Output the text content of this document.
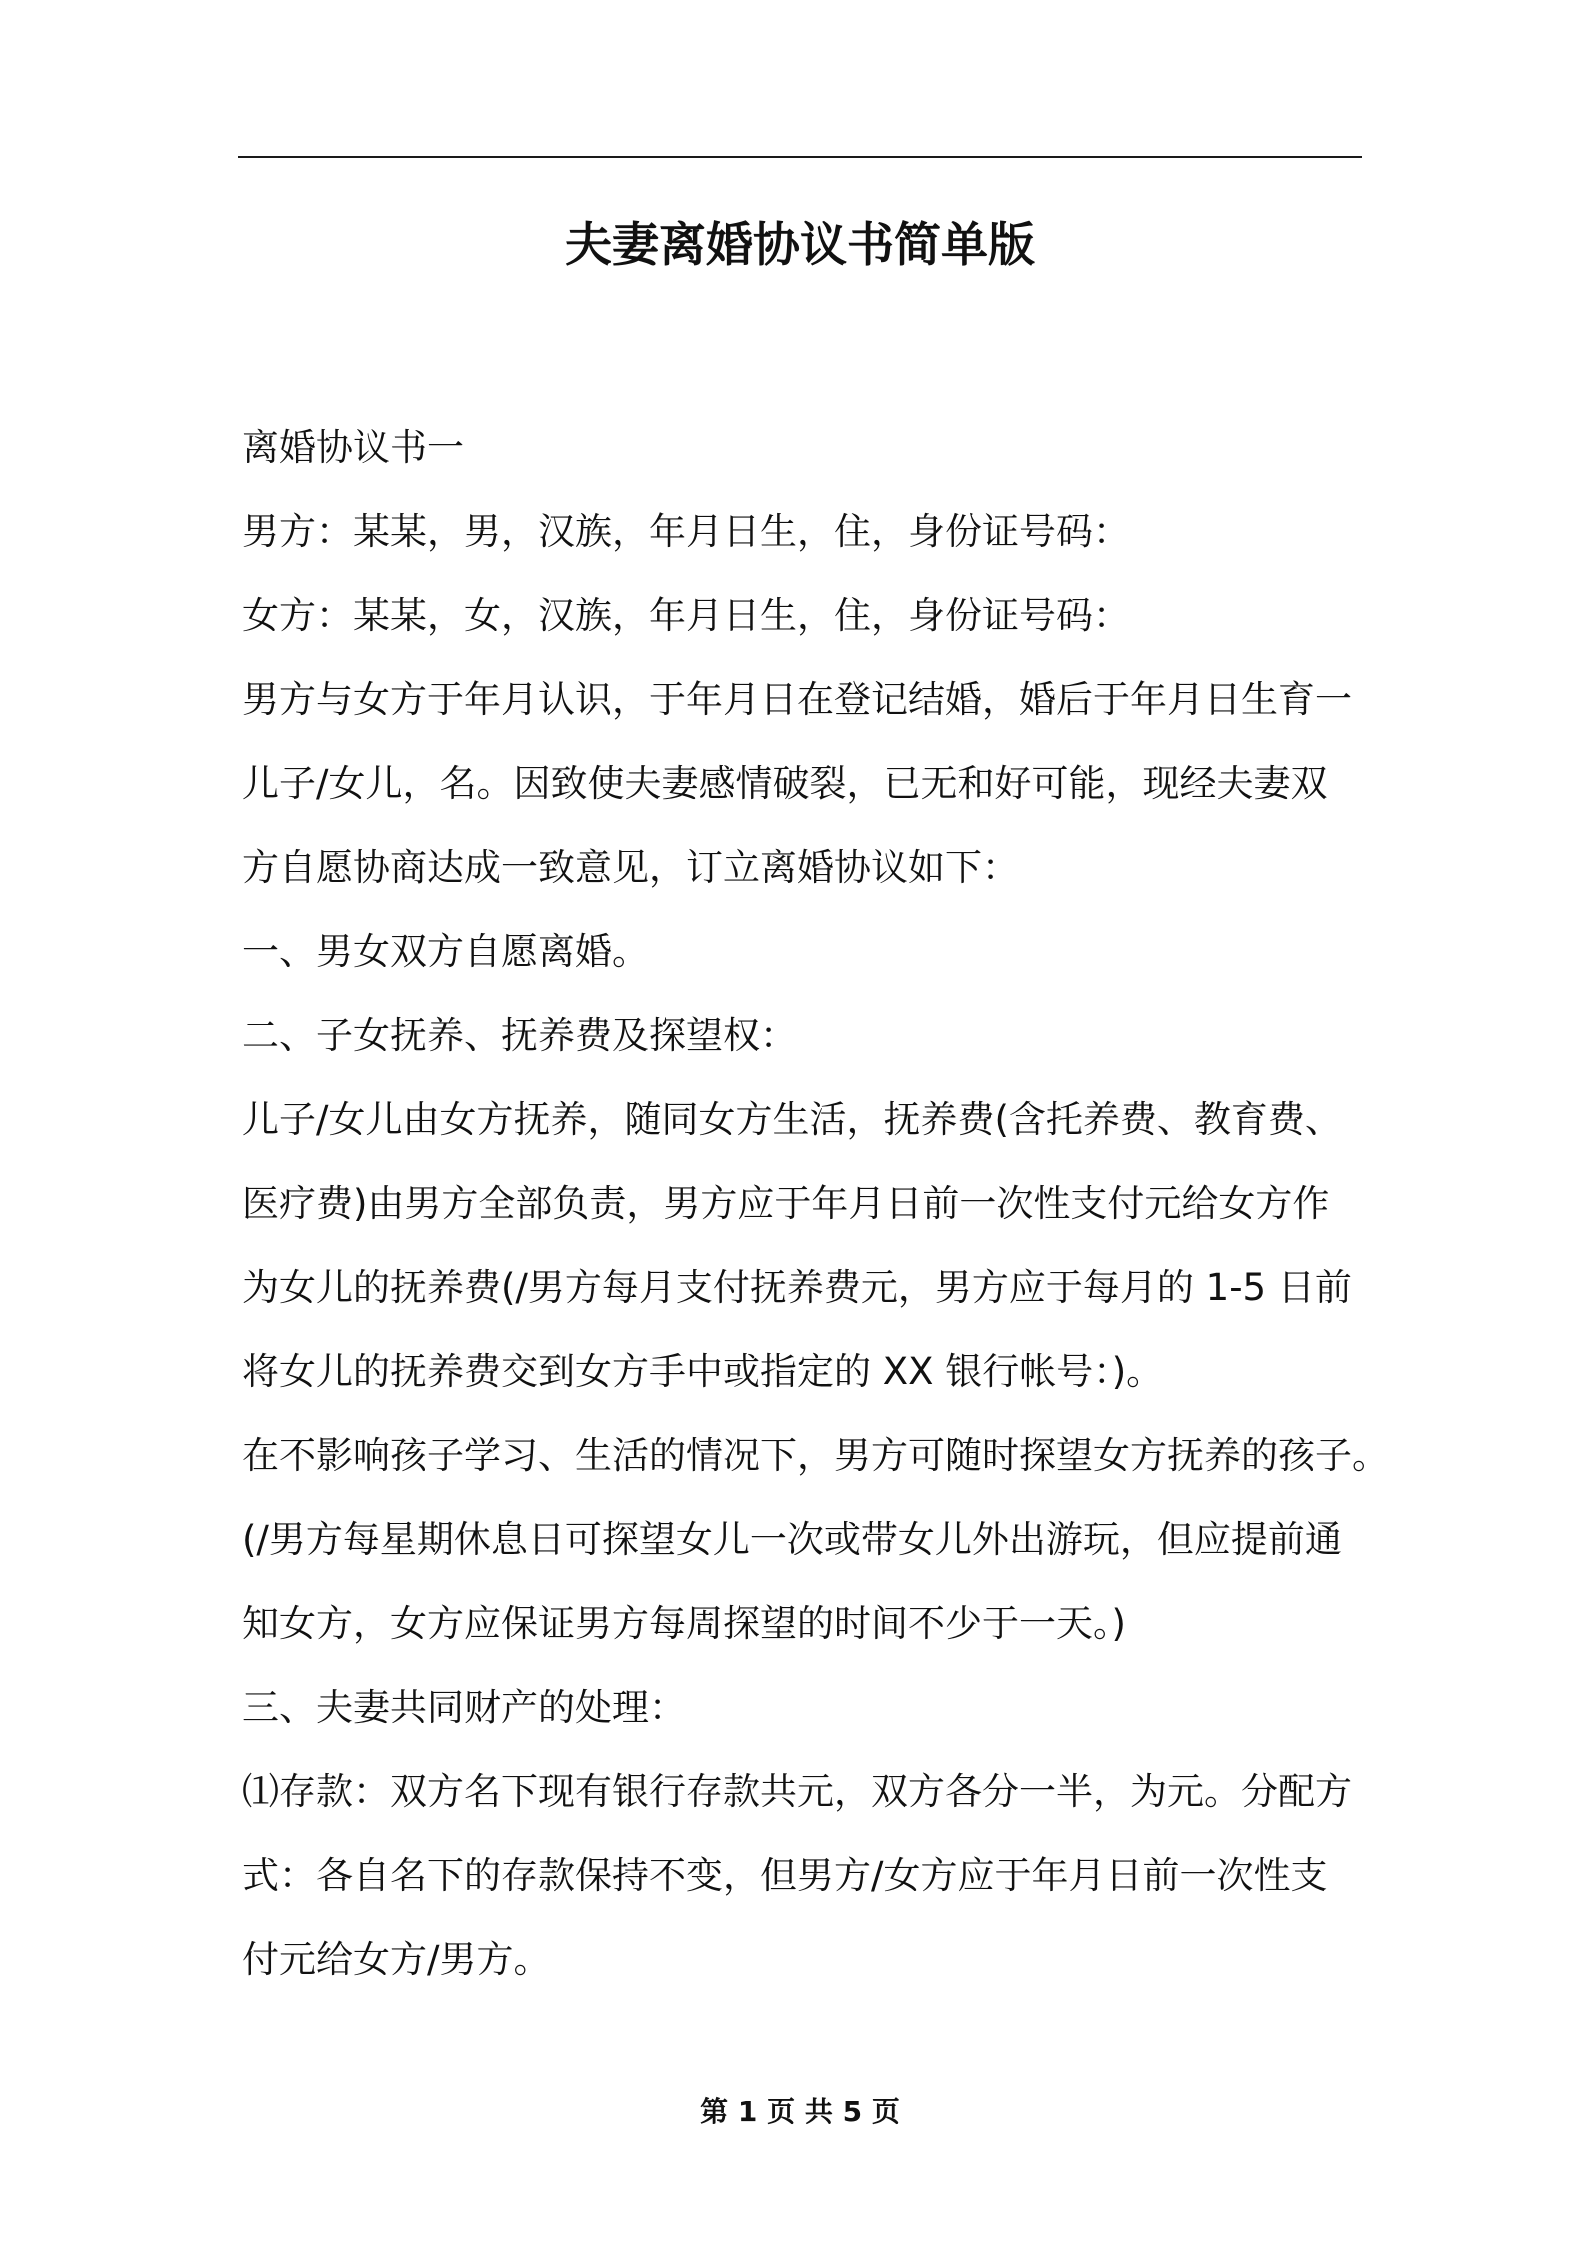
夫妻离婚协议书简单版
离婚协议书一
男方：某某，男，汉族，年月日生，住，身份证号码：
女方：某某，女，汉族，年月日生，住，身份证号码：
男方与女方于年月认识，于年月日在登记结婚，婚后于年月日生育一
儿子/女儿，名。因致使夫妻感情破裂，已无和好可能，现经夫妻双
方自愿协商达成一致意见，订立离婚协议如下：
一、男女双方自愿离婚。
二、子女抚养、抚养费及探望权：
儿子/女儿由女方抚养，随同女方生活，抚养费(含托养费、教育费、
医疗费)由男方全部负责，男方应于年月日前一次性支付元给女方作
为女儿的抚养费(/男方每月支付抚养费元，男方应于每月的 1-5 日前
将女儿的抚养费交到女方手中或指定的 XX 银行帐号：)。
在不影响孩子学习、生活的情况下，男方可随时探望女方抚养的孩子。
(/男方每星期休息日可探望女儿一次或带女儿外出游玩，但应提前通
知女方，女方应保证男方每周探望的时间不少于一天。)
三、夫妻共同财产的处理：
⑴存款：双方名下现有银行存款共元，双方各分一半，为元。分配方
式：各自名下的存款保持不变，但男方/女方应于年月日前一次性支
付元给女方/男方。
第 1 页 共 5 页
